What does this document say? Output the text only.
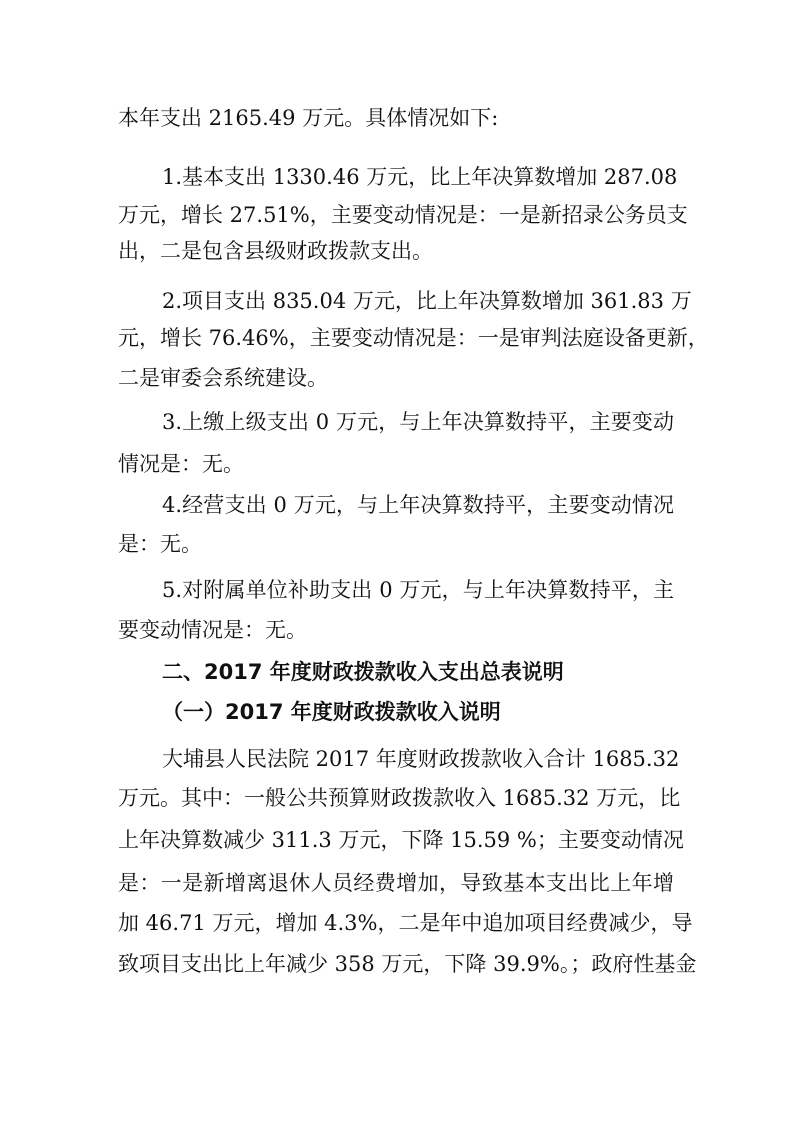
本年支出 2165.49 万元。具体情况如下:

1.基本支出 1330.46 万元，比上年决算数增加 287.08

万元，增长 27.51%，主要变动情况是：一是新招录公务员支

出，二是包含县级财政拨款支出。

2.项目支出 835.04 万元，比上年决算数增加 361.83 万

元，增长 76.46%，主要变动情况是：一是审判法庭设备更新，

二是审委会系统建设。

3.上缴上级支出 0 万元，与上年决算数持平，主要变动

情况是：无。

4.经营支出 0 万元，与上年决算数持平，主要变动情况

是：无。

5.对附属单位补助支出 0 万元，与上年决算数持平，主

要变动情况是：无。

二、2017 年度财政拨款收入支出总表说明

（一）2017 年度财政拨款收入说明

大埔县人民法院 2017 年度财政拨款收入合计 1685.32

万元。其中：一般公共预算财政拨款收入 1685.32 万元，比

上年决算数减少 311.3 万元，下降 15.59 %；主要变动情况

是：一是新增离退休人员经费增加，导致基本支出比上年增

加 46.71 万元，增加 4.3%，二是年中追加项目经费减少，导

致项目支出比上年减少 358 万元，下降 39.9%。；政府性基金
